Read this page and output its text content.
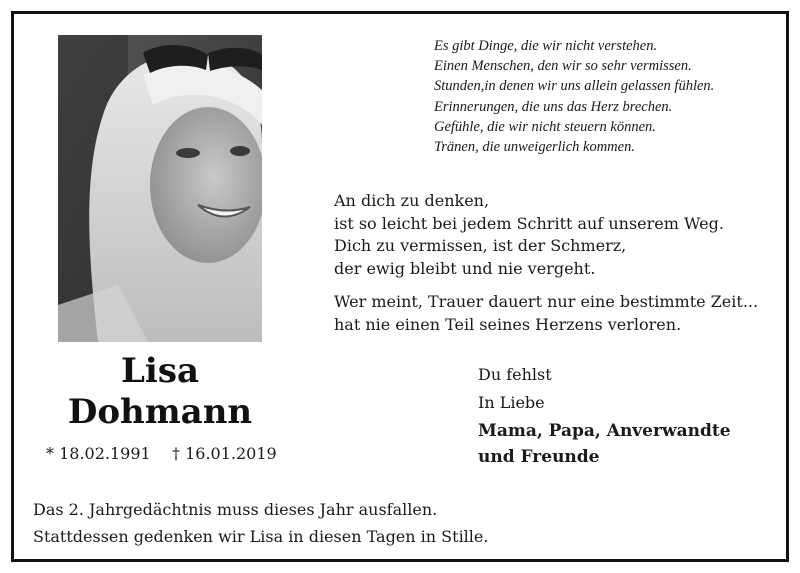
Lisa
Dohmann
* 18.02.1991 † 16.01.2019
Es gibt Dinge, die wir nicht verstehen.
Einen Menschen, den wir so sehr vermissen.
Stunden,in denen wir uns allein gelassen fühlen.
Erinnerungen, die uns das Herz brechen.
Gefühle, die wir nicht steuern können.
Tränen, die unweigerlich kommen.
An dich zu denken,
ist so leicht bei jedem Schritt auf unserem Weg.
Dich zu vermissen, ist der Schmerz,
der ewig bleibt und nie vergeht.
Wer meint, Trauer dauert nur eine bestimmte Zeit...
hat nie einen Teil seines Herzens verloren.
Du fehlst
In Liebe
Mama, Papa, Anverwandte
und Freunde
Das 2. Jahrgedächtnis muss dieses Jahr ausfallen.
Stattdessen gedenken wir Lisa in diesen Tagen in Stille.
